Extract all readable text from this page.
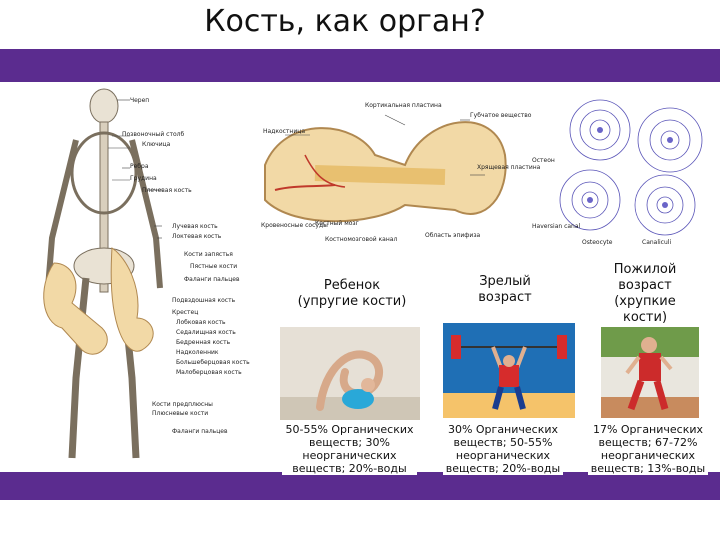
Кость, как орган?
Череп
Позвоночный столб
Ключица
Ребра
Грудина
Плечевая кость
Лучевая кость
Локтевая кость
Кости запястья
Пястные кости
Фаланги пальцев
Подвздошная кость
Крестец
Лобковая кость
Седалищная кость
Бедренная кость
Надколенник
Большеберцовая кость
Малоберцовая кость
Кости предплюсны
Плюсневые кости
Фаланги пальцев
Надкостница
Кортикальная пластина
Губчатое вещество
Хрящевая пластина
Кровеносные сосуды
Костный мозг
Костномозговой канал
Область эпифиза
Остеон
Haversian canal
Osteocyte	Canaliculi
Ребенок
(упругие кости)
Зрелый
возраст
Пожилой
возраст
(хрупкие
кости)
50-55% Органических веществ; 30% неорганических веществ; 20%-воды
30% Органических веществ; 50-55% неорганических веществ; 20%-воды
17% Органических веществ; 67-72% неорганических веществ; 13%-воды
